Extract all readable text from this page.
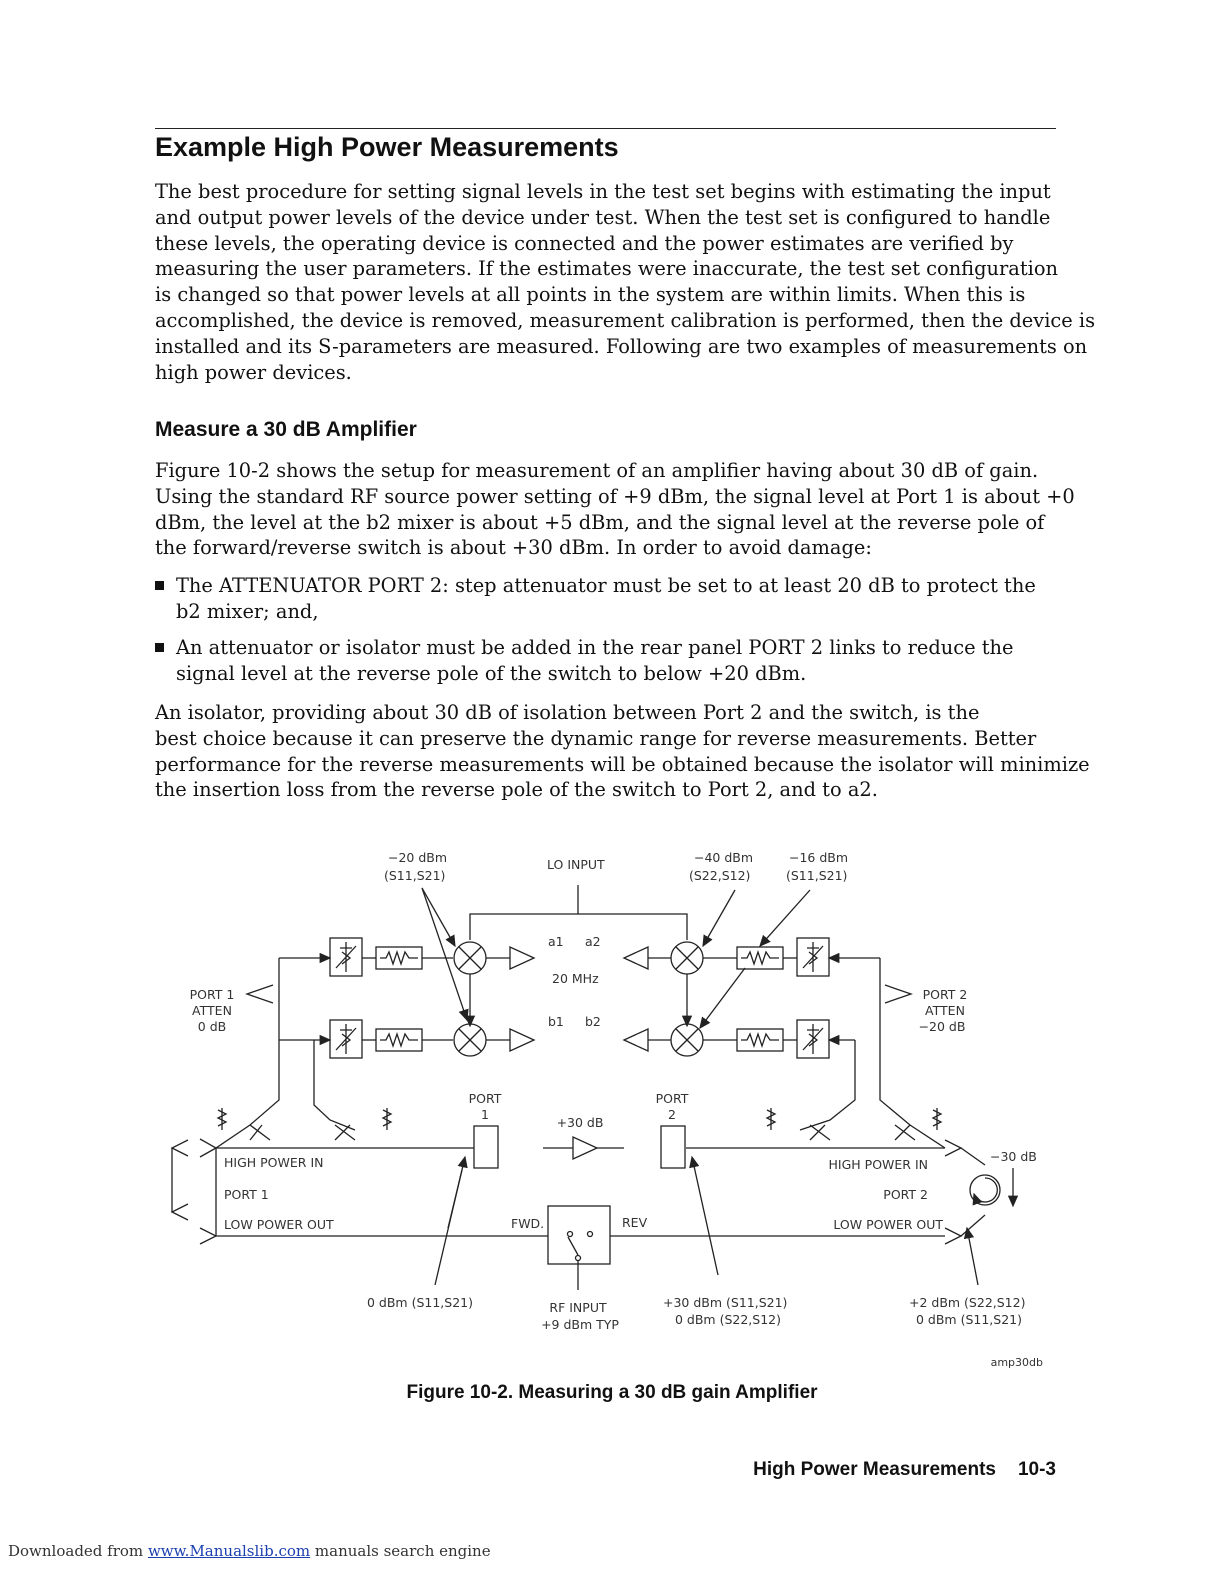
Example High Power Measurements

The best procedure for setting signal levels in the test set begins with estimating the input
and output power levels of the device under test. When the test set is configured to handle
these levels, the operating device is connected and the power estimates are verified by
measuring the user parameters. If the estimates were inaccurate, the test set configuration
is changed so that power levels at all points in the system are within limits. When this is
accomplished, the device is removed, measurement calibration is performed, then the device is
installed and its S-parameters are measured. Following are two examples of measurements on
high power devices.

Measure a 30 dB Amplifier

Figure 10-2 shows the setup for measurement of an amplifier having about 30 dB of gain.
Using the standard RF source power setting of +9 dBm, the signal level at Port 1 is about +0
dBm, the level at the b2 mixer is about +5 dBm, and the signal level at the reverse pole of
the forward/reverse switch is about +30 dBm. In order to avoid damage:

The ATTENUATOR PORT 2: step attenuator must be set to at least 20 dB to protect the
b2 mixer; and,
An attenuator or isolator must be added in the rear panel PORT 2 links to reduce the
signal level at the reverse pole of the switch to below +20 dBm.

An isolator, providing about 30 dB of isolation between Port 2 and the switch, is the
best choice because it can preserve the dynamic range for reverse measurements. Better
performance for the reverse measurements will be obtained because the isolator will minimize
the insertion loss from the reverse pole of the switch to Port 2, and to a2.

−20 dBm
(S11,S21)
LO INPUT	−40 dBm
(S22,S12)
−16 dBm
(S11,S21)
a1 a2
20 MHz
b1 b2
PORT 1
ATTEN
0 dB
PORT 2
ATTEN
−20 dB
PORT
1
PORT
2
+30 dB
HIGH POWER IN
PORT 1
LOW POWER OUT
HIGH POWER IN
PORT 2
LOW POWER OUT
−30 dB
FWD.	REV
0 dBm (S11,S21)	RF INPUT
+9 dBm TYP
+30 dBm (S11,S21)
0 dBm (S22,S12)
+2 dBm (S22,S12)
0 dBm (S11,S21)
amp30db
Figure 10-2. Measuring a 30 dB gain Amplifier
High Power Measurements 10-3
Downloaded from www.Manualslib.com manuals search engine
